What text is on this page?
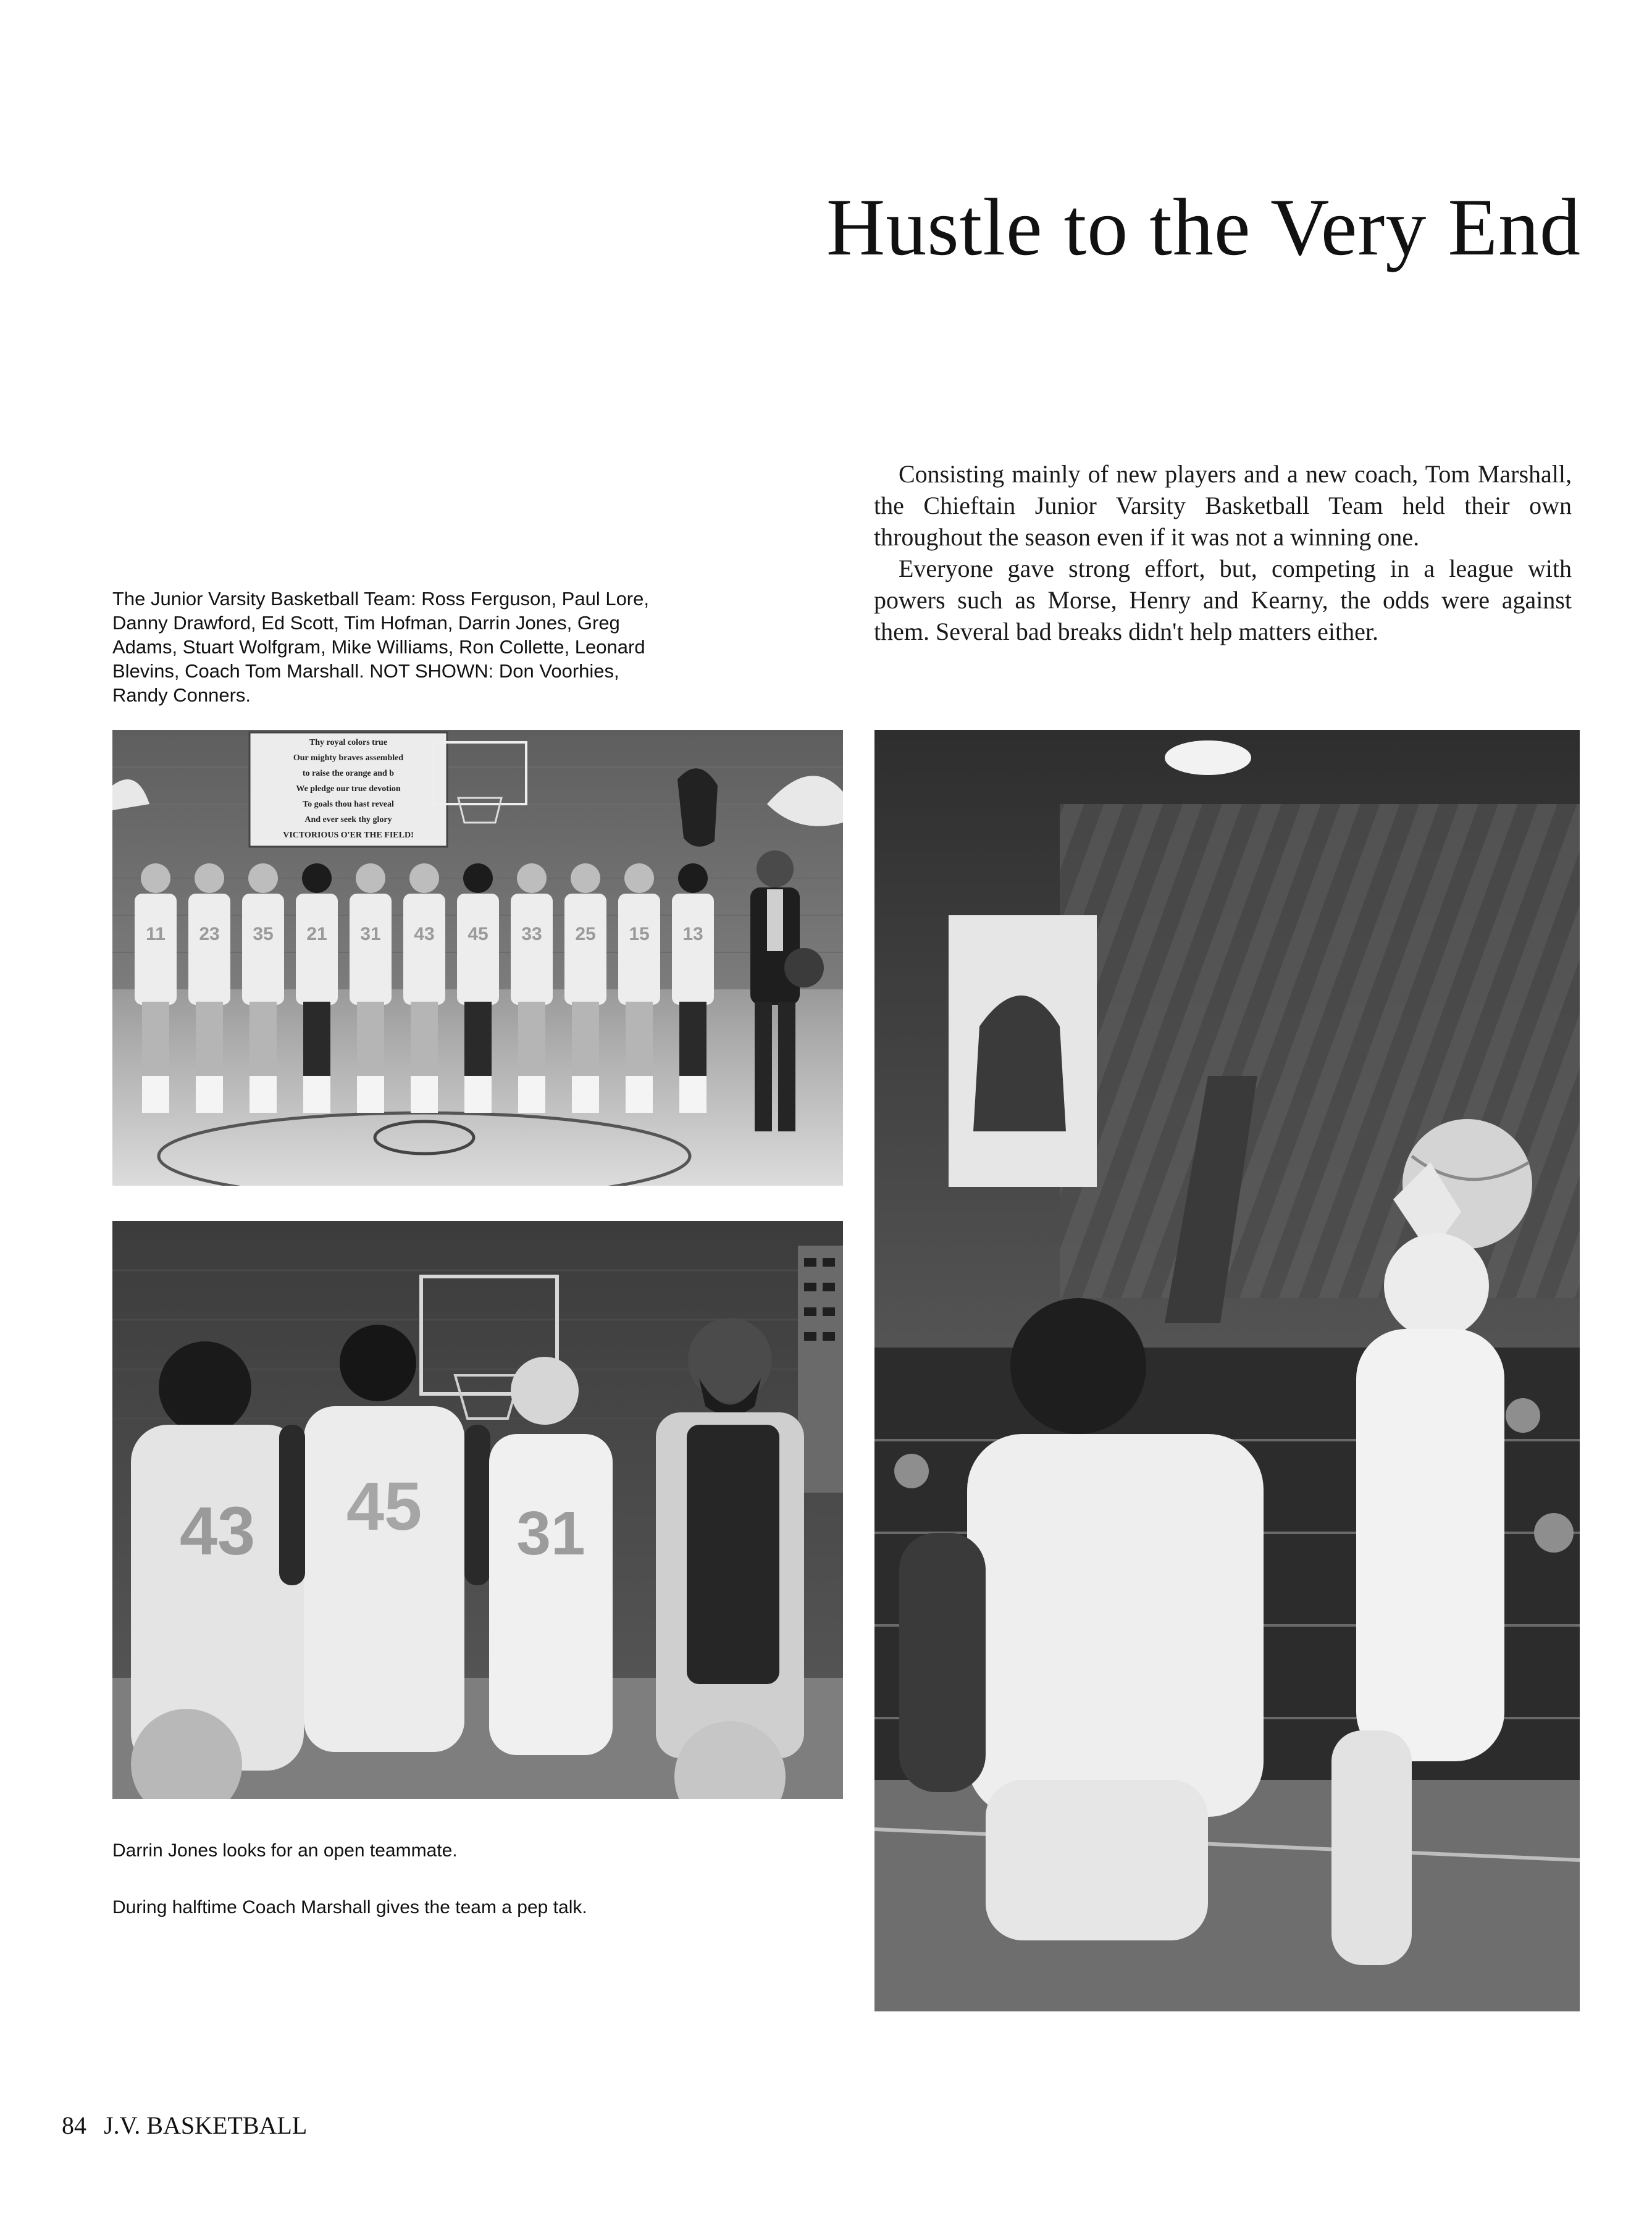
Hustle to the Very End
The Junior Varsity Basketball Team: Ross Ferguson, Paul Lore, Danny Drawford, Ed Scott, Tim Hofman, Darrin Jones, Greg Adams, Stuart Wolfgram, Mike Williams, Ron Collette, Leonard Blevins, Coach Tom Marshall. NOT SHOWN: Don Voorhies, Randy Conners.

Consisting mainly of new players and a new coach, Tom Marshall, the Chieftain Junior Varsity Basketball Team held their own throughout the season even if it was not a winning one.

Everyone gave strong effort, but, competing in a league with powers such as Morse, Henry and Kearny, the odds were against them. Several bad breaks didn't help matters either.

Thy royal colors true
Our mighty braves assembled
to raise the orange and b
We pledge our true devotion
To goals thou hast reveal
And ever seek thy glory
VICTORIOUS O'ER THE FIELD!
11 23 35 21 31 43 45 33 25 15 13
43 45 31
Darrin Jones looks for an open teammate.
During halftime Coach Marshall gives the team a pep talk.
84 J.V. BASKETBALL
